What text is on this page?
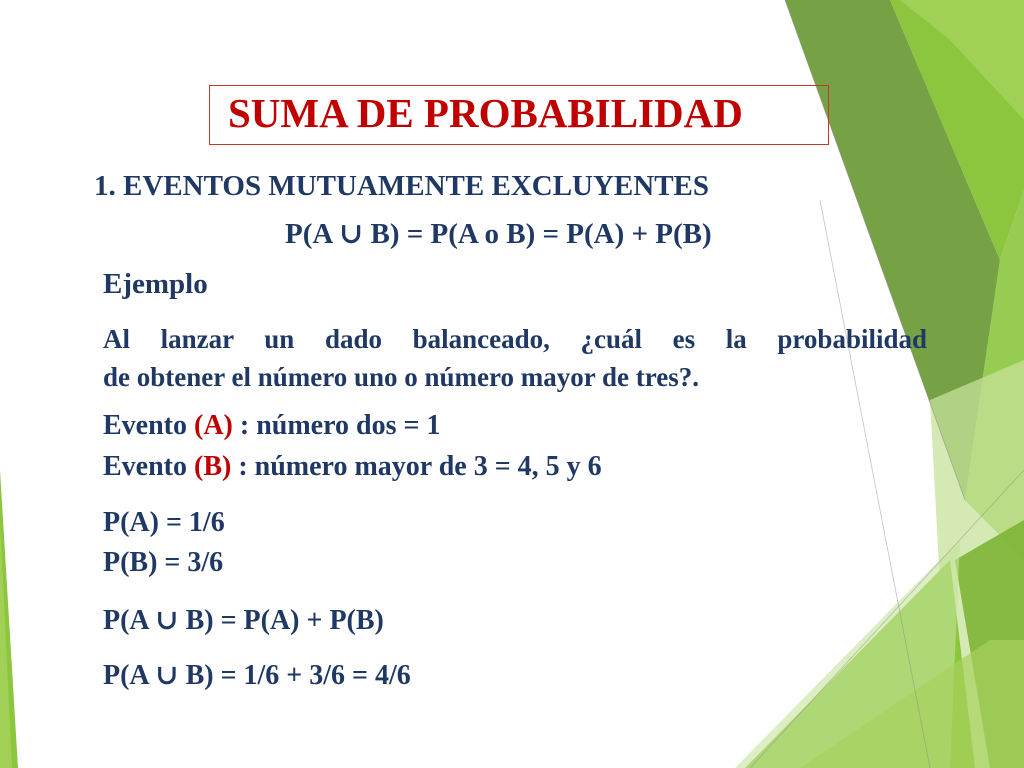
SUMA DE PROBABILIDAD
1. EVENTOS MUTUAMENTE EXCLUYENTES
P(A ∪ B) = P(A o B) = P(A) + P(B)
Ejemplo
Al lanzar un dado balanceado, ¿cuál es la probabilidad
de obtener el número uno o número mayor de tres?.
Evento (A) : número dos = 1
Evento (B) : número mayor de 3 = 4, 5 y 6
P(A) = 1/6
P(B) = 3/6
P(A ∪ B) = P(A) + P(B)
P(A ∪ B) = 1/6 + 3/6 = 4/6
